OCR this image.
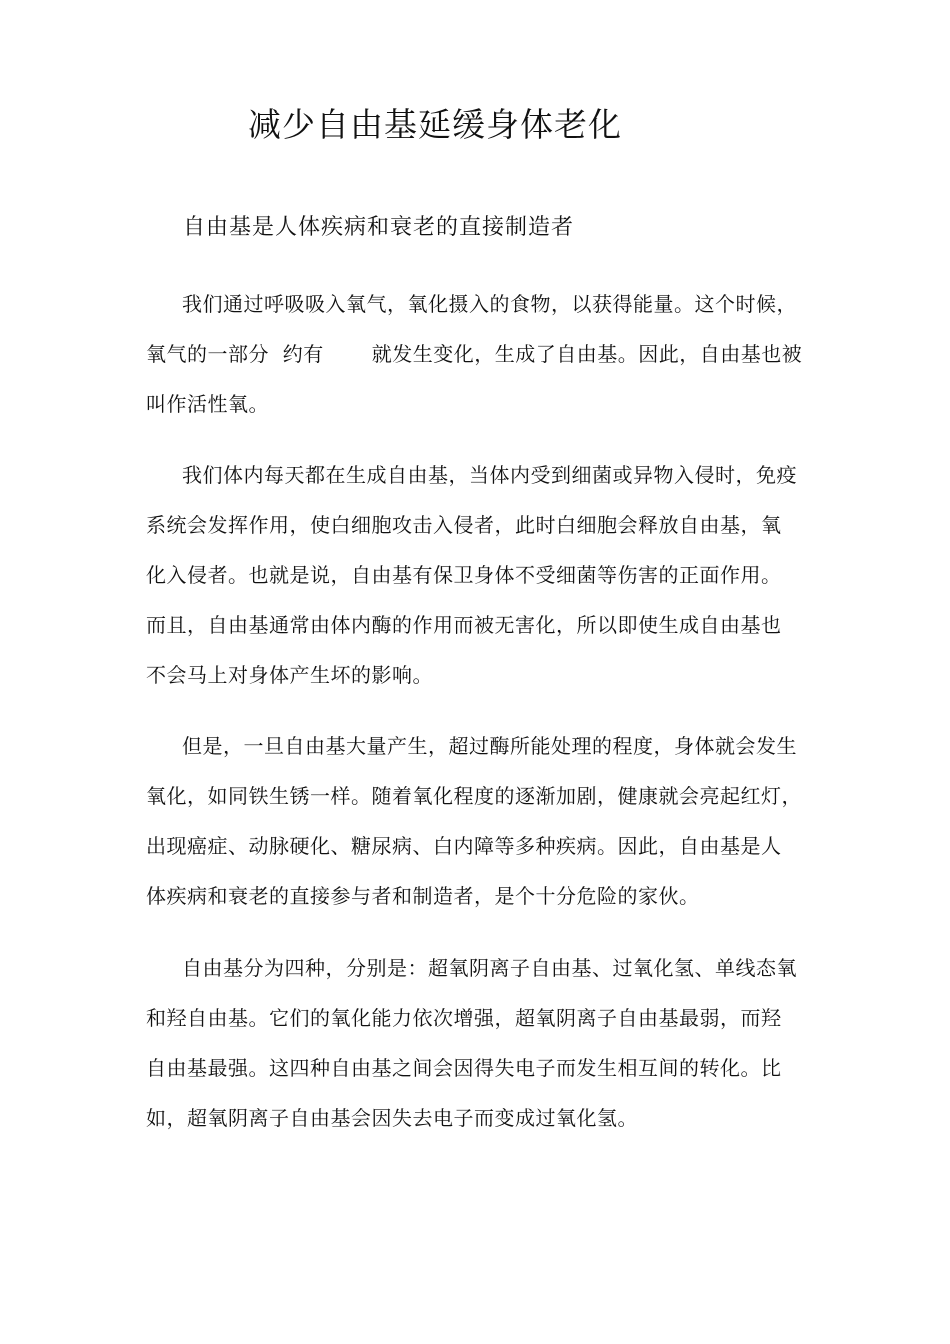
减少自由基延缓身体老化
自由基是人体疾病和衰老的直接制造者
我们通过呼吸吸入氧气，氧化摄入的食物，以获得能量。这个时候，
氧气的一部分  约有       就发生变化，生成了自由基。因此，自由基也被
叫作活性氧。
我们体内每天都在生成自由基，当体内受到细菌或异物入侵时，免疫
系统会发挥作用，使白细胞攻击入侵者，此时白细胞会释放自由基，氧
化入侵者。也就是说，自由基有保卫身体不受细菌等伤害的正面作用。
而且，自由基通常由体内酶的作用而被无害化，所以即使生成自由基也
不会马上对身体产生坏的影响。
但是，一旦自由基大量产生，超过酶所能处理的程度，身体就会发生
氧化，如同铁生锈一样。随着氧化程度的逐渐加剧，健康就会亮起红灯，
出现癌症、动脉硬化、糖尿病、白内障等多种疾病。因此，自由基是人
体疾病和衰老的直接参与者和制造者，是个十分危险的家伙。
自由基分为四种，分别是：超氧阴离子自由基、过氧化氢、单线态氧
和羟自由基。它们的氧化能力依次增强，超氧阴离子自由基最弱，而羟
自由基最强。这四种自由基之间会因得失电子而发生相互间的转化。比
如，超氧阴离子自由基会因失去电子而变成过氧化氢。
